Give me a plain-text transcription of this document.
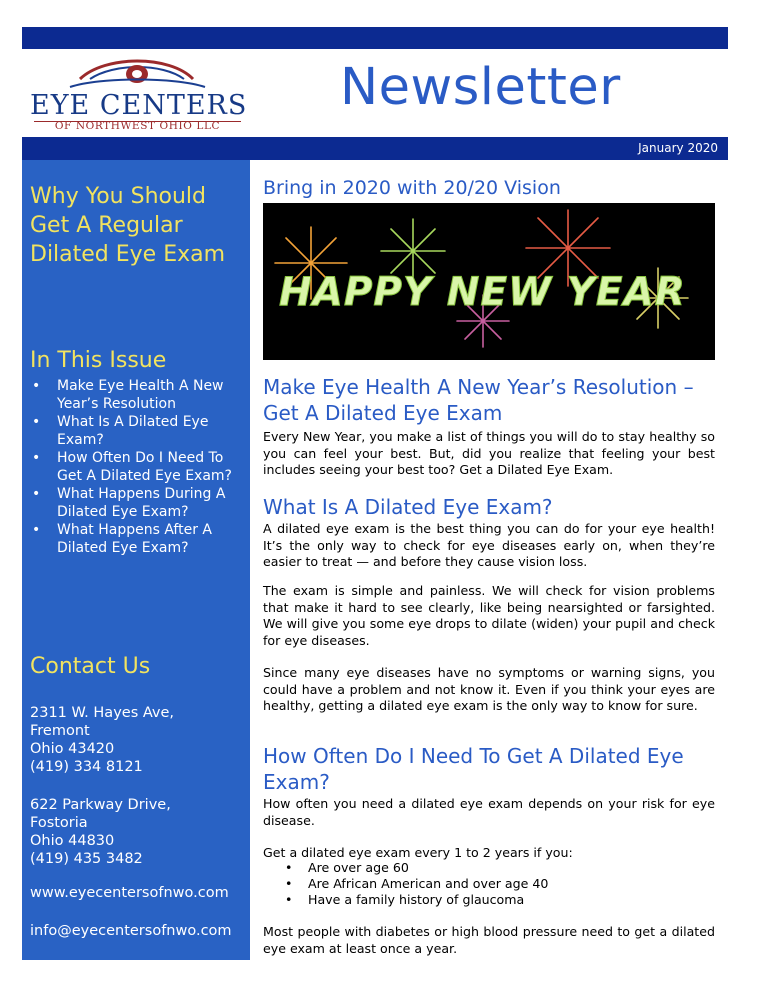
EYE CENTERS
OF NORTHWEST OHIO LLC
Newsletter
January 2020
Why You Should Get A Regular Dilated Eye Exam
In This Issue
• Make Eye Health A New Year’s Resolution
• What Is A Dilated Eye Exam?
• How Often Do I Need To Get A Dilated Eye Exam?
• What Happens During A Dilated Eye Exam?
• What Happens After A Dilated Eye Exam?
Contact Us
2311 W. Hayes Ave,
Fremont
Ohio 43420
(419) 334 8121
622 Parkway Drive,
Fostoria
Ohio 44830
(419) 435 3482
www.eyecentersofnwo.com
info@eyecentersofnwo.com
Bring in 2020 with 20/20 Vision
HAPPY NEW YEAR
Make Eye Health A New Year’s Resolution – Get A Dilated Eye Exam

Every New Year, you make a list of things you will do to stay healthy so you can feel your best. But, did you realize that feeling your best includes seeing your best too? Get a Dilated Eye Exam.

What Is A Dilated Eye Exam?

A dilated eye exam is the best thing you can do for your eye health! It’s the only way to check for eye diseases early on, when they’re easier to treat — and before they cause vision loss.

The exam is simple and painless. We will check for vision problems that make it hard to see clearly, like being nearsighted or farsighted. We will give you some eye drops to dilate (widen) your pupil and check for eye diseases.

Since many eye diseases have no symptoms or warning signs, you could have a problem and not know it. Even if you think your eyes are healthy, getting a dilated eye exam is the only way to know for sure.

How Often Do I Need To Get A Dilated Eye Exam?

How often you need a dilated eye exam depends on your risk for eye disease.

Get a dilated eye exam every 1 to 2 years if you:

• Are over age 60
• Are African American and over age 40
• Have a family history of glaucoma

Most people with diabetes or high blood pressure need to get a dilated eye exam at least once a year.
